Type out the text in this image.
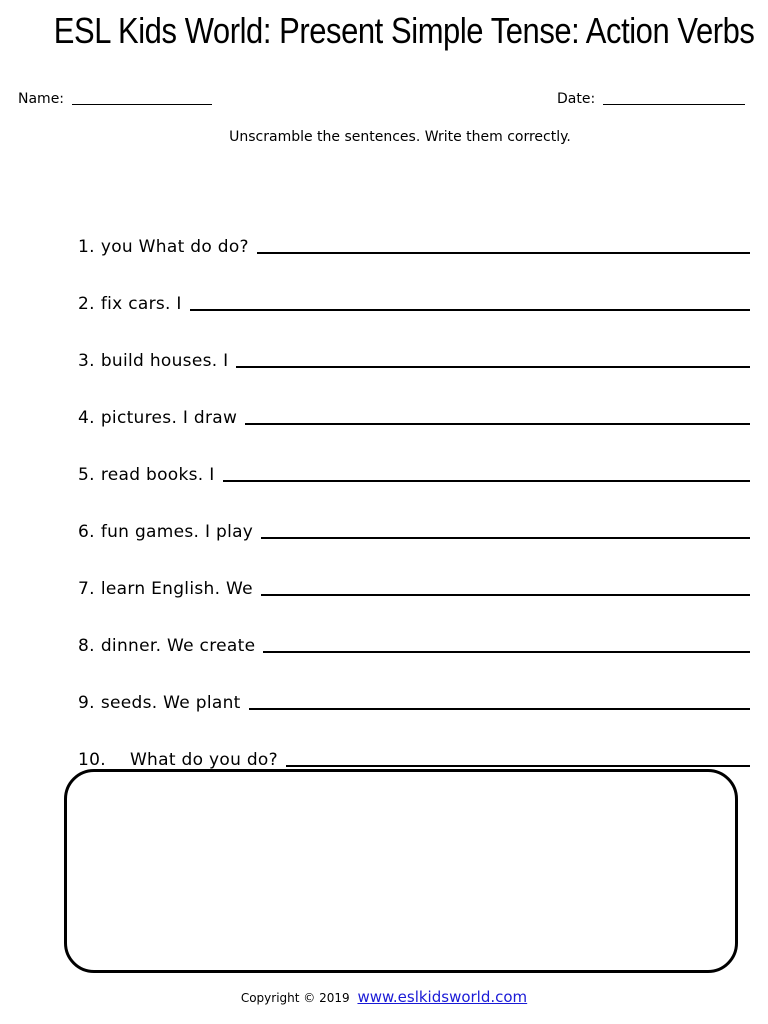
ESL Kids World: Present Simple Tense: Action Verbs
Name:	Date:
Unscramble the sentences. Write them correctly.
1. you What do do?
2. fix cars. I
3. build houses. I
4. pictures. I draw
5. read books. I
6. fun games. I play
7. learn English. We
8. dinner. We create
9. seeds. We plant
10. What do you do?
Copyright © 2019 www.eslkidsworld.com
